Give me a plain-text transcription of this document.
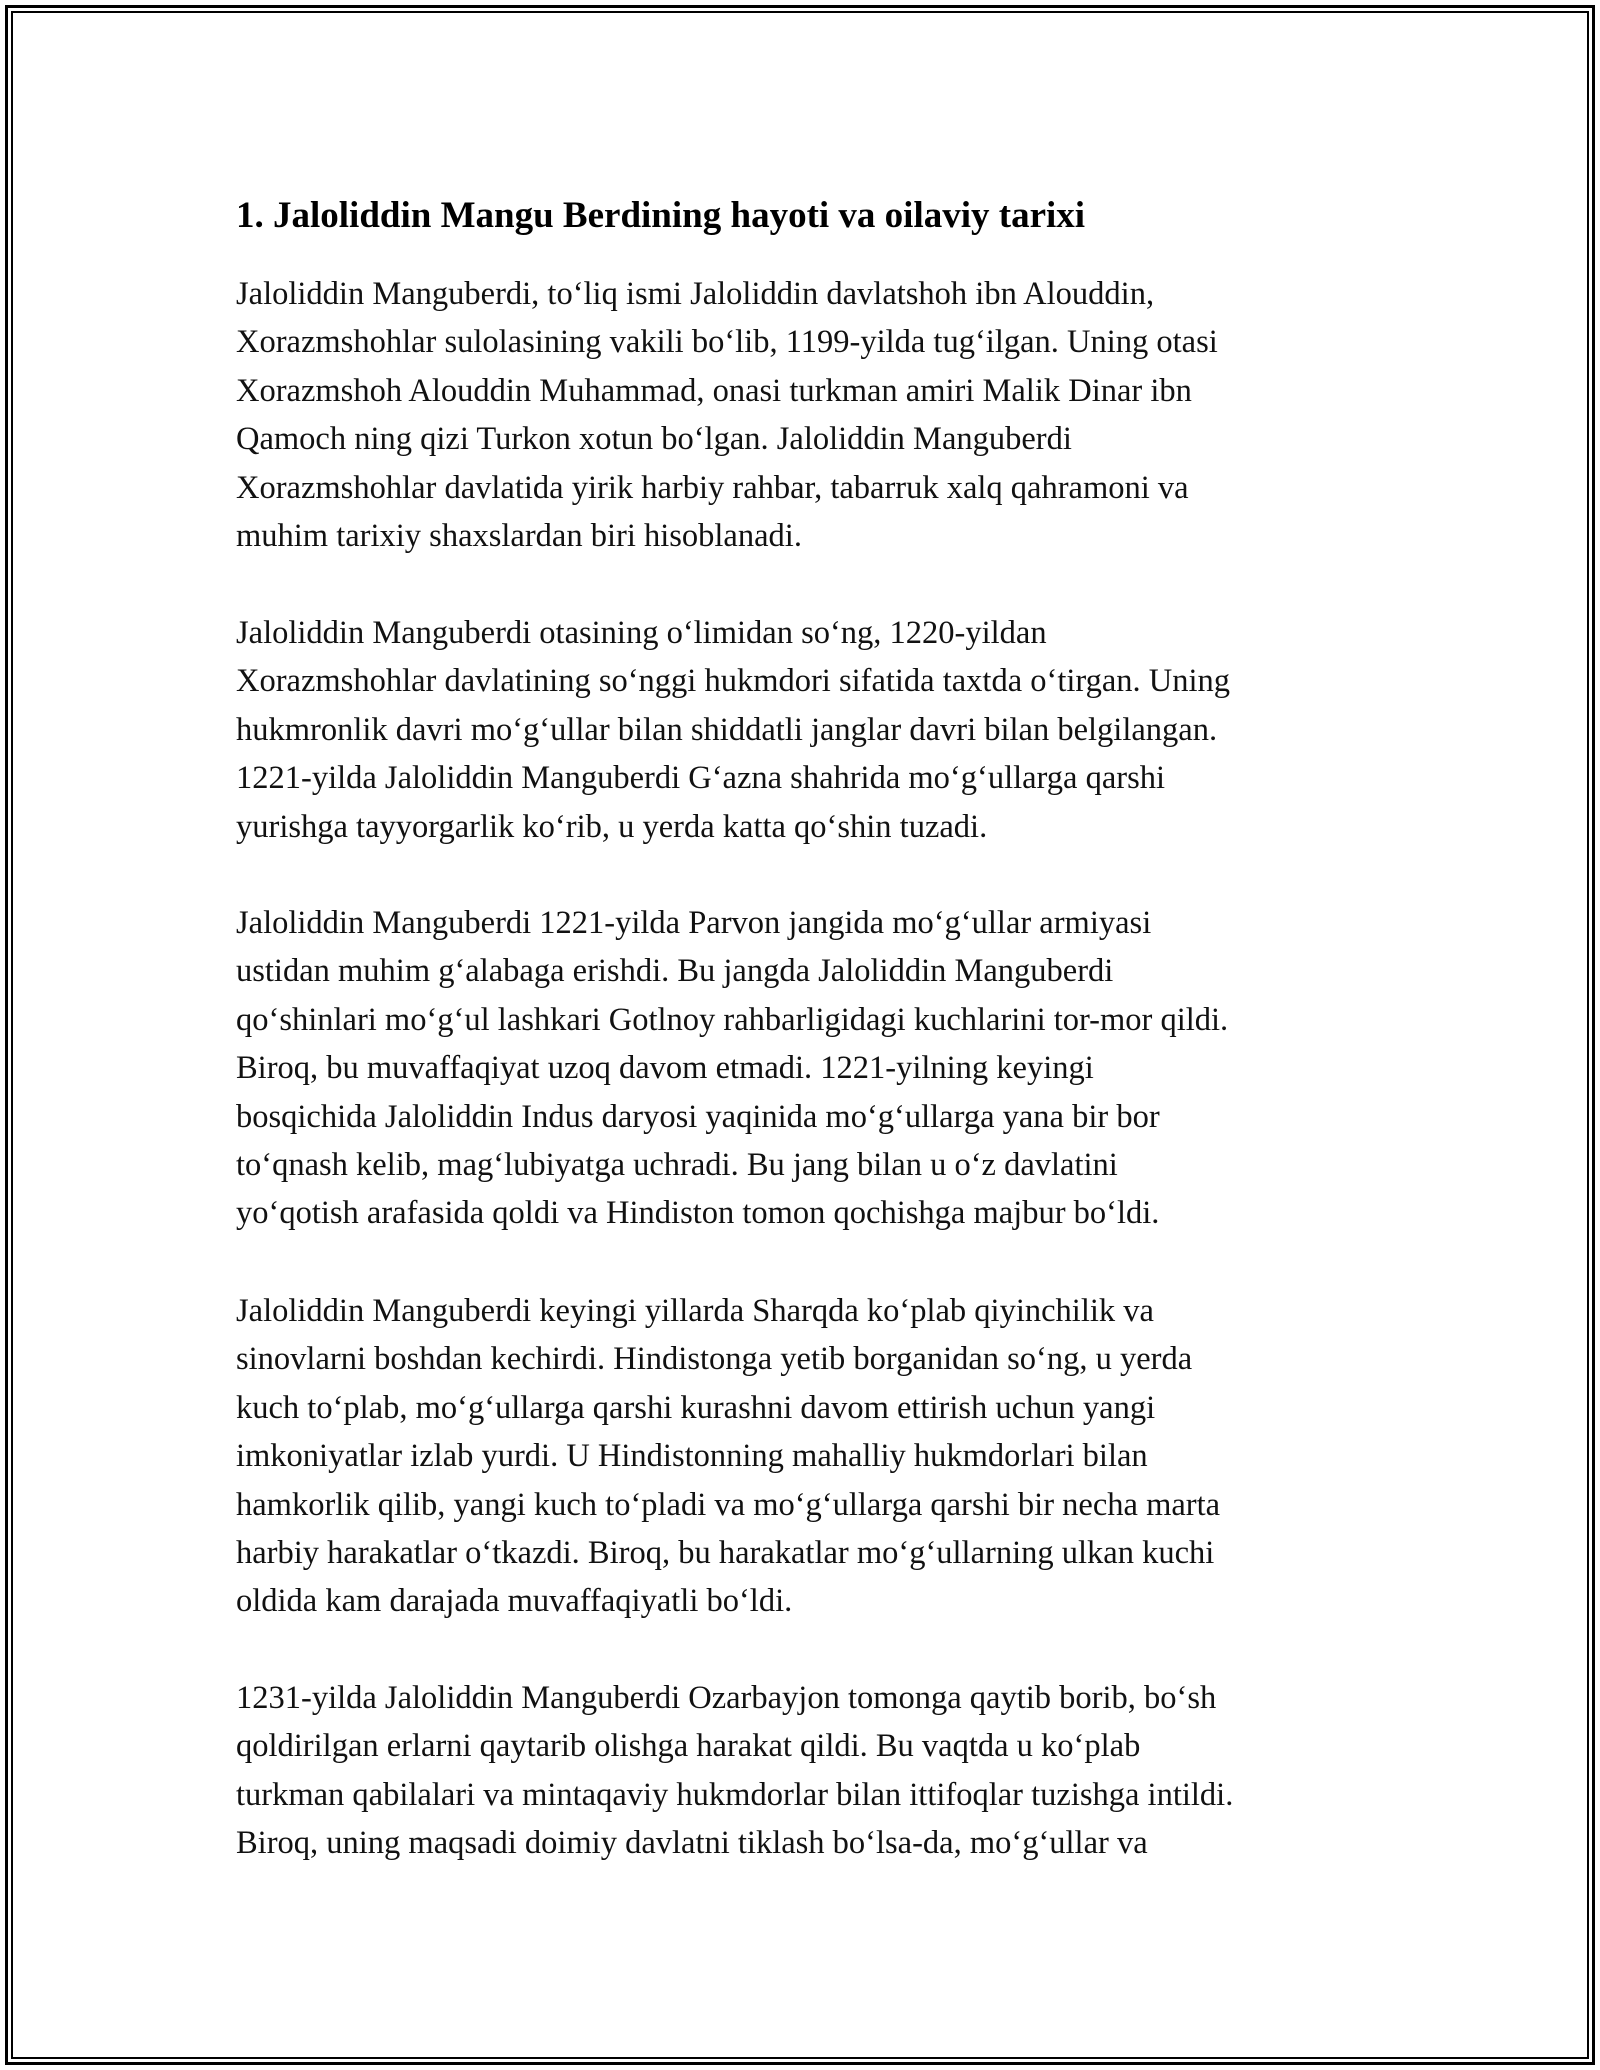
1. Jaloliddin Mangu Berdining hayoti va oilaviy tarixi

Jaloliddin Manguberdi, to‘liq ismi Jaloliddin davlatshoh ibn Alouddin,
Xorazmshohlar sulolasining vakili bo‘lib, 1199-yilda tug‘ilgan. Uning otasi
Xorazmshoh Alouddin Muhammad, onasi turkman amiri Malik Dinar ibn
Qamoch ning qizi Turkon xotun bo‘lgan. Jaloliddin Manguberdi
Xorazmshohlar davlatida yirik harbiy rahbar, tabarruk xalq qahramoni va
muhim tarixiy shaxslardan biri hisoblanadi.

Jaloliddin Manguberdi otasining o‘limidan so‘ng, 1220-yildan
Xorazmshohlar davlatining so‘nggi hukmdori sifatida taxtda o‘tirgan. Uning
hukmronlik davri mo‘g‘ullar bilan shiddatli janglar davri bilan belgilangan.
1221-yilda Jaloliddin Manguberdi G‘azna shahrida mo‘g‘ullarga qarshi
yurishga tayyorgarlik ko‘rib, u yerda katta qo‘shin tuzadi.

Jaloliddin Manguberdi 1221-yilda Parvon jangida mo‘g‘ullar armiyasi
ustidan muhim g‘alabaga erishdi. Bu jangda Jaloliddin Manguberdi
qo‘shinlari mo‘g‘ul lashkari Gotlnoy rahbarligidagi kuchlarini tor-mor qildi.
Biroq, bu muvaffaqiyat uzoq davom etmadi. 1221-yilning keyingi
bosqichida Jaloliddin Indus daryosi yaqinida mo‘g‘ullarga yana bir bor
to‘qnash kelib, mag‘lubiyatga uchradi. Bu jang bilan u o‘z davlatini
yo‘qotish arafasida qoldi va Hindiston tomon qochishga majbur bo‘ldi.

Jaloliddin Manguberdi keyingi yillarda Sharqda ko‘plab qiyinchilik va
sinovlarni boshdan kechirdi. Hindistonga yetib borganidan so‘ng, u yerda
kuch to‘plab, mo‘g‘ullarga qarshi kurashni davom ettirish uchun yangi
imkoniyatlar izlab yurdi. U Hindistonning mahalliy hukmdorlari bilan
hamkorlik qilib, yangi kuch to‘pladi va mo‘g‘ullarga qarshi bir necha marta
harbiy harakatlar o‘tkazdi. Biroq, bu harakatlar mo‘g‘ullarning ulkan kuchi
oldida kam darajada muvaffaqiyatli bo‘ldi.

1231-yilda Jaloliddin Manguberdi Ozarbayjon tomonga qaytib borib, bo‘sh
qoldirilgan erlarni qaytarib olishga harakat qildi. Bu vaqtda u ko‘plab
turkman qabilalari va mintaqaviy hukmdorlar bilan ittifoqlar tuzishga intildi.
Biroq, uning maqsadi doimiy davlatni tiklash bo‘lsa-da, mo‘g‘ullar va
